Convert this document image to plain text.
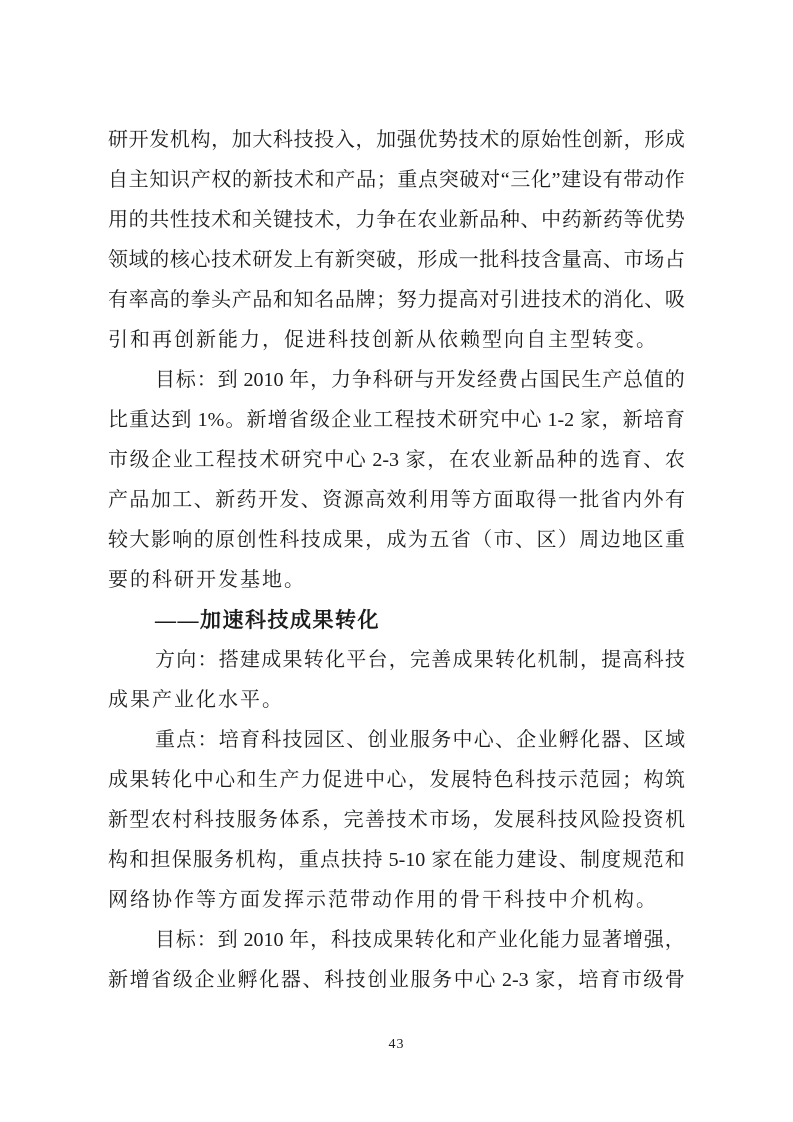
研 开 发 机 构 ， 加 大 科 技 投 入 ， 加 强 优 势 技 术 的 原 始 性 创 新 ， 形 成
自 主 知 识 产 权 的 新 技 术 和 产 品 ； 重 点 突 破 对 “ 三 化 ” 建 设 有 带 动 作
用 的 共 性 技 术 和 关 键 技 术 ， 力 争 在 农 业 新 品 种 、 中 药 新 药 等 优 势
领 域 的 核 心 技 术 研 发 上 有 新 突 破 ， 形 成 一 批 科 技 含 量 高 、 市 场 占
有 率 高 的 拳 头 产 品 和 知 名 品 牌 ； 努 力 提 高 对 引 进 技 术 的 消 化 、 吸
引和再创新能力，促进科技创新从依赖型向自主型转变。
目 标 ： 到 2010 年 ， 力 争 科 研 与 开 发 经 费 占 国 民 生 产 总 值 的
比 重 达 到 1% 。 新 增 省 级 企 业 工 程 技 术 研 究 中 心 1-2 家 ， 新 培 育
市 级 企 业 工 程 技 术 研 究 中 心 2-3 家 ， 在 农 业 新 品 种 的 选 育 、 农
产 品 加 工 、 新 药 开 发 、 资 源 高 效 利 用 等 方 面 取 得 一 批 省 内 外 有
较 大 影 响 的 原 创 性 科 技 成 果 ， 成 为 五 省 （ 市 、 区 ） 周 边 地 区 重
要的科研开发基地。
——加速科技成果转化
方 向 ： 搭 建 成 果 转 化 平 台 ， 完 善 成 果 转 化 机 制 ， 提 高 科 技
成果产业化水平。
重 点 ： 培 育 科 技 园 区 、 创 业 服 务 中 心 、 企 业 孵 化 器 、 区 域
成 果 转 化 中 心 和 生 产 力 促 进 中 心 ， 发 展 特 色 科 技 示 范 园 ； 构 筑
新 型 农 村 科 技 服 务 体 系 ， 完 善 技 术 市 场 ， 发 展 科 技 风 险 投 资 机
构 和 担 保 服 务 机 构 ， 重 点 扶 持 5-10 家 在 能 力 建 设 、 制 度 规 范 和
网络协作等方面发挥示范带动作用的骨干科技中介机构。
目 标 ： 到 2010 年 ， 科 技 成 果 转 化 和 产 业 化 能 力 显 著 增 强 ，
新 增 省 级 企 业 孵 化 器 、 科 技 创 业 服 务 中 心 2-3 家 ， 培 育 市 级 骨
43
